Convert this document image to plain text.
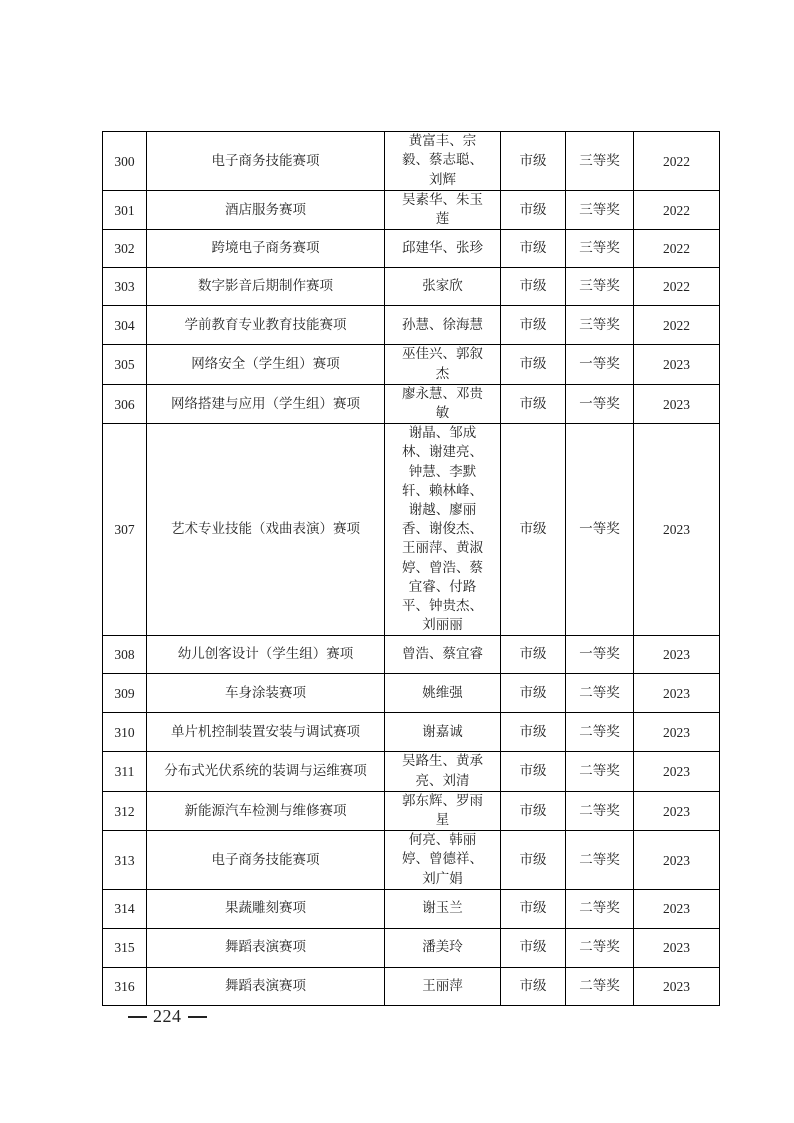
300	电子商务技能赛项	黄富丰、宗
毅、蔡志聪、
刘辉	市级	三等奖	2022
301	酒店服务赛项	吴素华、朱玉
莲	市级	三等奖	2022
302	跨境电子商务赛项	邱建华、张珍	市级	三等奖	2022
303	数字影音后期制作赛项	张家欣	市级	三等奖	2022
304	学前教育专业教育技能赛项	孙慧、徐海慧	市级	三等奖	2022
305	网络安全（学生组）赛项	巫佳兴、郭叙
杰	市级	一等奖	2023
306	网络搭建与应用（学生组）赛项	廖永慧、邓贵
敏	市级	一等奖	2023
307	艺术专业技能（戏曲表演）赛项	
谢晶、邹成
林、谢建亮、
钟慧、李默
轩、赖林峰、
谢越、廖丽
香、谢俊杰、
王丽萍、黄淑
婷、曾浩、蔡
宜睿、付路
平、钟贵杰、
刘丽丽
	市级	一等奖	2023
308	幼儿创客设计（学生组）赛项	曾浩、蔡宜睿	市级	一等奖	2023
309	车身涂装赛项	姚维强	市级	二等奖	2023
310	单片机控制装置安装与调试赛项	谢嘉诚	市级	二等奖	2023
311	分布式光伏系统的装调与运维赛项	吴路生、黄承
亮、刘清	市级	二等奖	2023
312	新能源汽车检测与维修赛项	郭东辉、罗雨
星	市级	二等奖	2023
313	电子商务技能赛项	何亮、韩丽
婷、曾德祥、
刘广娟	市级	二等奖	2023
314	果蔬雕刻赛项	谢玉兰	市级	二等奖	2023
315	舞蹈表演赛项	潘美玲	市级	二等奖	2023
316	舞蹈表演赛项	王丽萍	市级	二等奖	2023
224
